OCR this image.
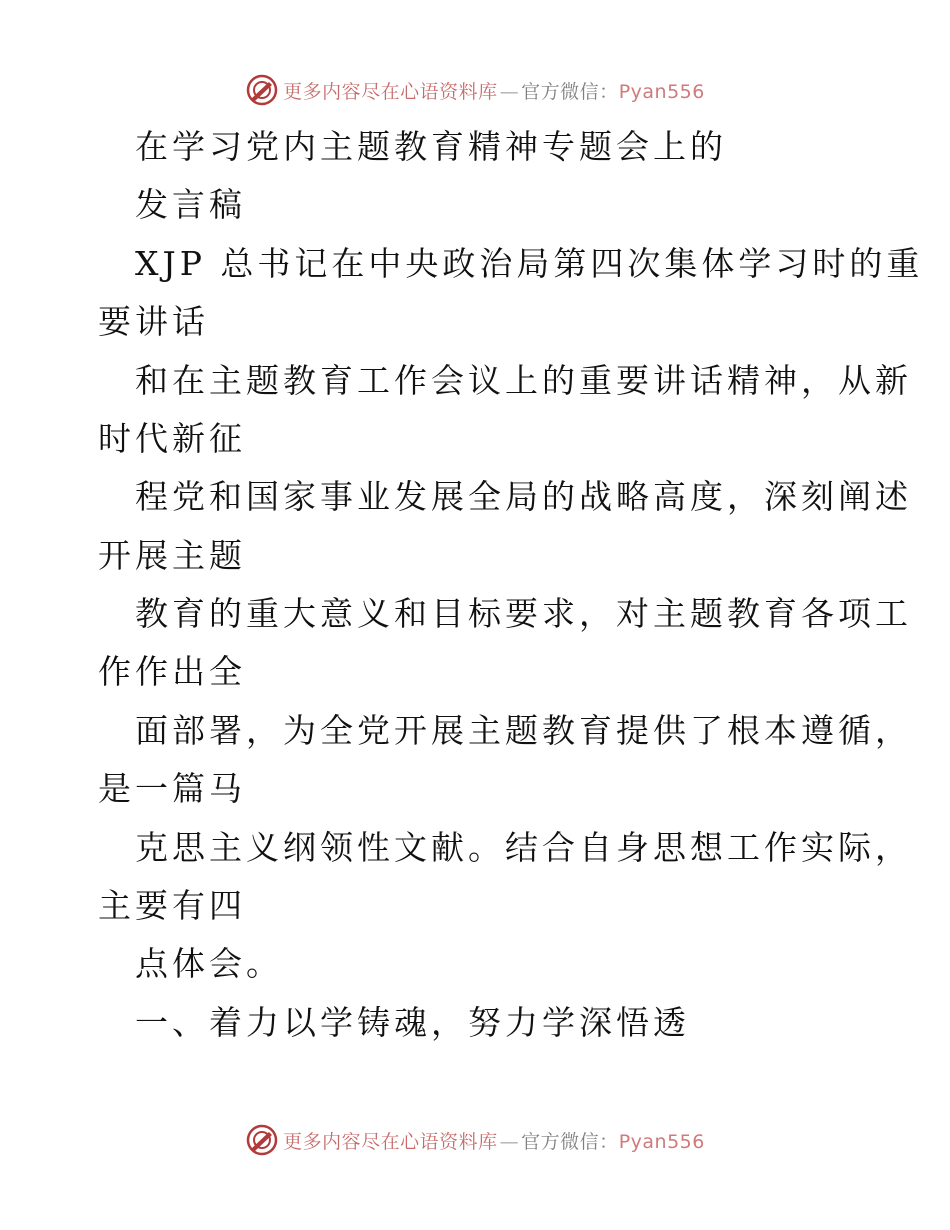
更多内容尽在心语资料库 — 官方微信：Pyan556
在学习党内主题教育精神专题会上的
发言稿
XJP 总书记在中央政治局第四次集体学习时的重
要讲话
和在主题教育工作会议上的重要讲话精神，从新
时代新征
程党和国家事业发展全局的战略高度，深刻阐述
开展主题
教育的重大意义和目标要求，对主题教育各项工
作作出全
面部署，为全党开展主题教育提供了根本遵循，
是一篇马
克思主义纲领性文献。结合自身思想工作实际，
主要有四
点体会。
一、着力以学铸魂，努力学深悟透
更多内容尽在心语资料库 — 官方微信：Pyan556
